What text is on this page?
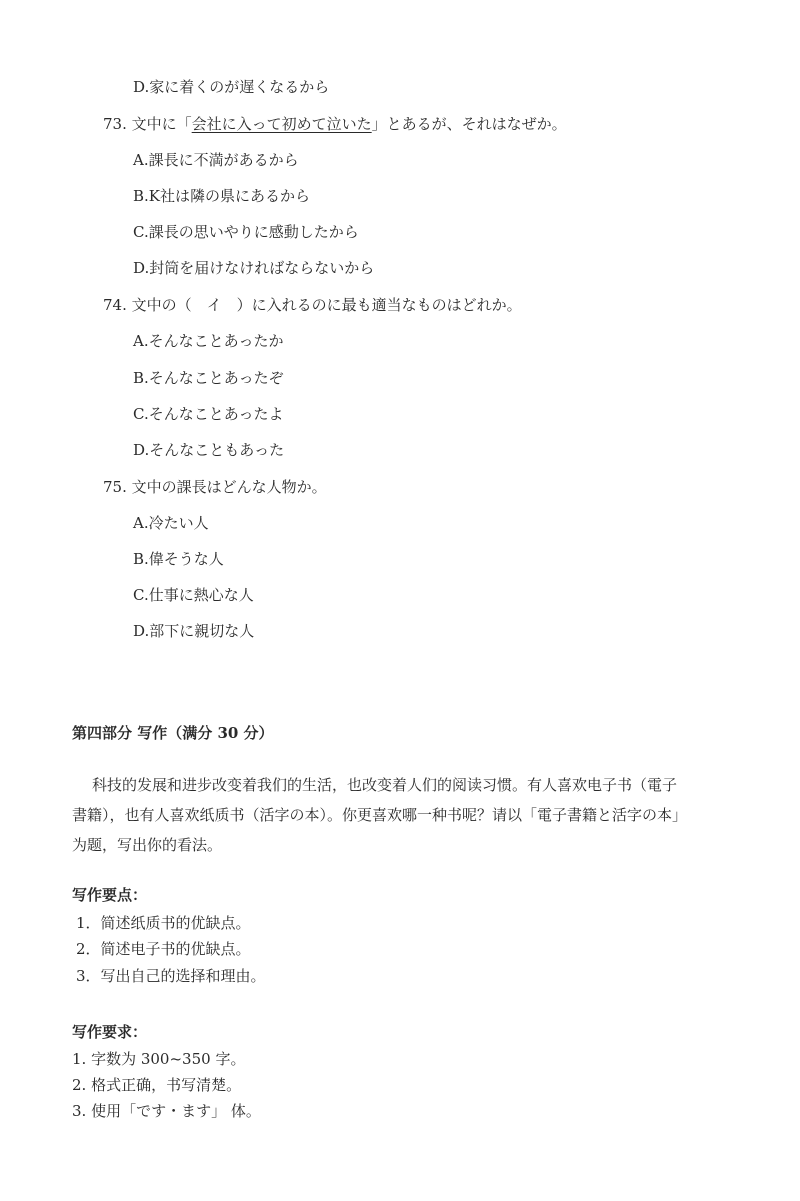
D.家に着くのが遅くなるから
73. 文中に「会社に入って初めて泣いた」とあるが、それはなぜか。
A.課長に不満があるから
B.K社は隣の県にあるから
C.課長の思いやりに感動したから
D.封筒を届けなければならないから
74. 文中の（　イ　）に入れるのに最も適当なものはどれか。
A.そんなことあったか
B.そんなことあったぞ
C.そんなことあったよ
D.そんなこともあった
75. 文中の課長はどんな人物か。
A.冷たい人
B.偉そうな人
C.仕事に熱心な人
D.部下に親切な人
第四部分 写作（满分 30 分）
科技的发展和进步改变着我们的生活，也改变着人们的阅读习惯。有人喜欢电子书（電子
書籍），也有人喜欢纸质书（活字の本）。你更喜欢哪一种书呢？请以「電子書籍と活字の本」
为题，写出你的看法。
写作要点：
1．简述纸质书的优缺点。
2．简述电子书的优缺点。
3．写出自己的选择和理由。
写作要求：
1. 字数为 300~350 字。
2. 格式正确，书写清楚。
3. 使用「です・ます」 体。
